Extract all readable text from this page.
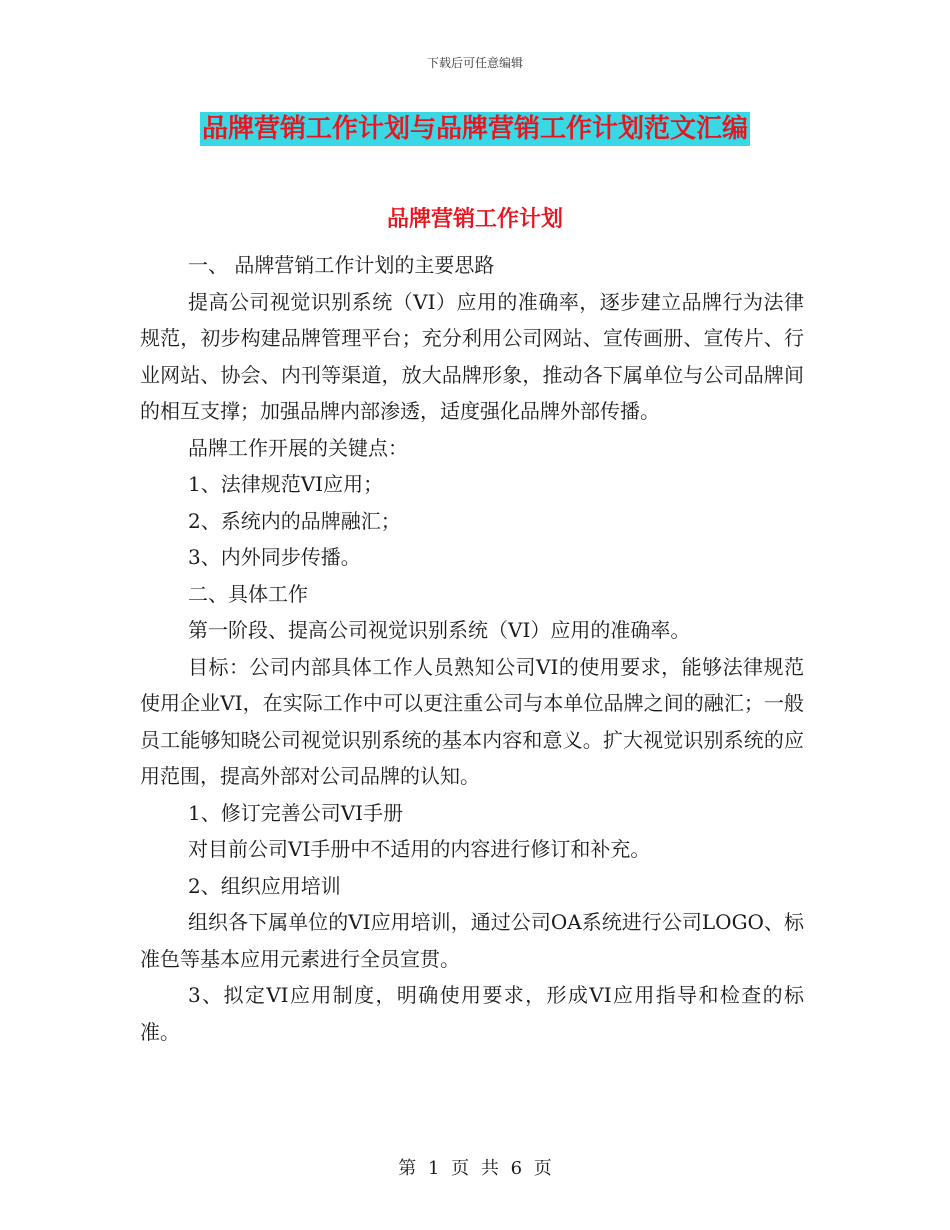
下载后可任意编辑
品牌营销工作计划与品牌营销工作计划范文汇编
品牌营销工作计划

一、 品牌营销工作计划的主要思路

提高公司视觉识别系统（VI）应用的准确率，逐步建立品牌行为法律规范，初步构建品牌管理平台；充分利用公司网站、宣传画册、宣传片、行业网站、协会、内刊等渠道，放大品牌形象，推动各下属单位与公司品牌间的相互支撑；加强品牌内部渗透，适度强化品牌外部传播。

品牌工作开展的关键点：

1、法律规范VI应用；

2、系统内的品牌融汇；

3、内外同步传播。

二、具体工作

第一阶段、提高公司视觉识别系统（VI）应用的准确率。

目标：公司内部具体工作人员熟知公司VI的使用要求，能够法律规范使用企业VI，在实际工作中可以更注重公司与本单位品牌之间的融汇；一般员工能够知晓公司视觉识别系统的基本内容和意义。扩大视觉识别系统的应用范围，提高外部对公司品牌的认知。

1、修订完善公司VI手册

对目前公司VI手册中不适用的内容进行修订和补充。

2、组织应用培训

组织各下属单位的VI应用培训，通过公司OA系统进行公司LOGO、标准色等基本应用元素进行全员宣贯。

3、拟定VI应用制度，明确使用要求，形成VI应用指导和检查的标准。

第 1 页 共 6 页
